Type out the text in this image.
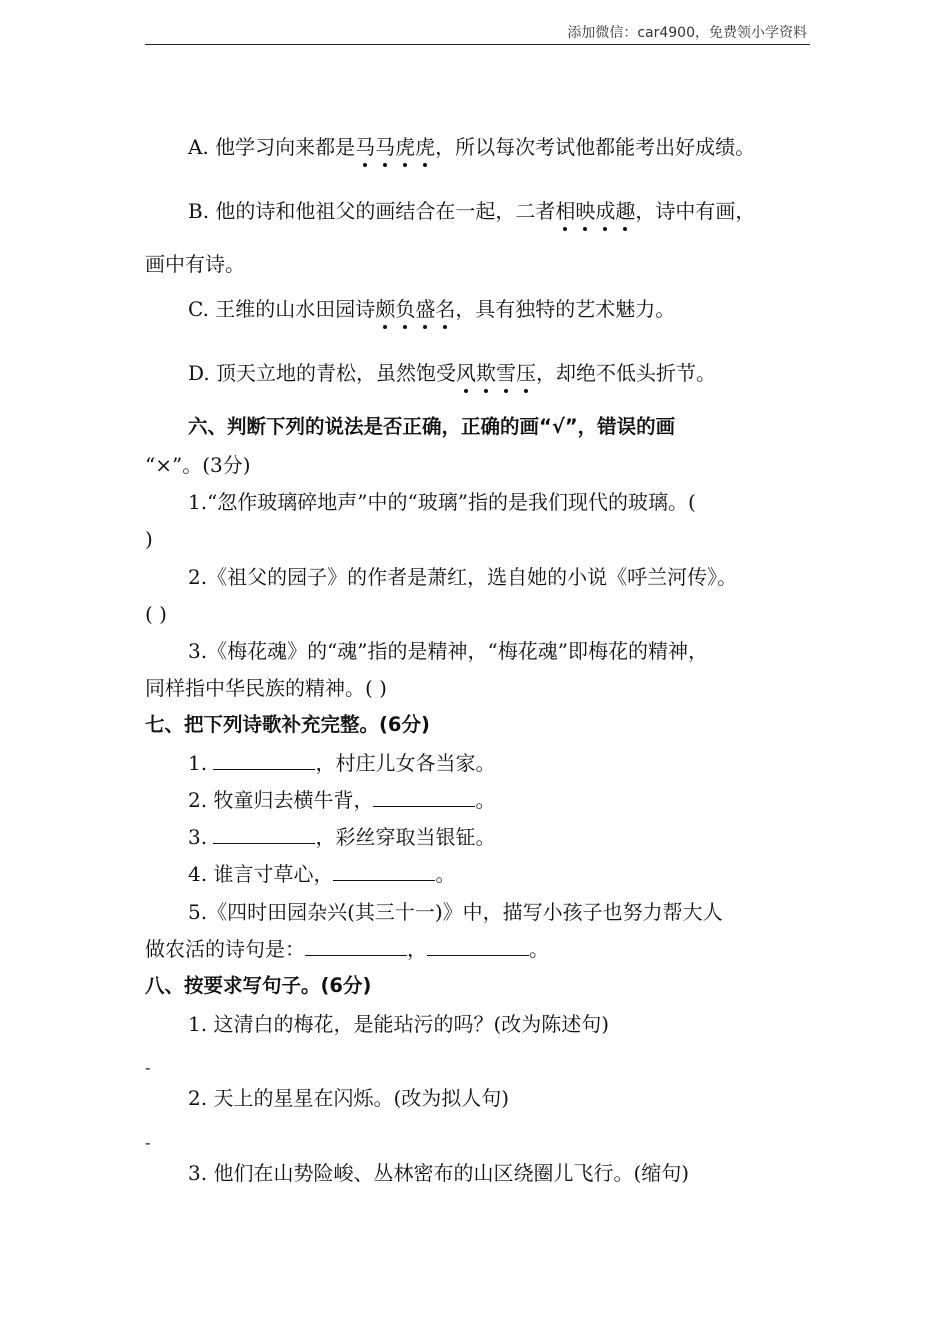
添加微信：car4900，免费领小学资料
A. 他学习向来都是马马虎虎，所以每次考试他都能考出好成绩。
B. 他的诗和他祖父的画结合在一起，二者相映成趣，诗中有画，
画中有诗。
C. 王维的山水田园诗颇负盛名，具有独特的艺术魅力。
D. 顶天立地的青松，虽然饱受风欺雪压，却绝不低头折节。
六、判断下列的说法是否正确，正确的画“√”，错误的画
“×”。(3分)
1.“忽作玻璃碎地声”中的“玻璃”指的是我们现代的玻璃。(
)
2.《祖父的园子》的作者是萧红，选自她的小说《呼兰河传》。
( )
3.《梅花魂》的“魂”指的是精神，“梅花魂”即梅花的精神，
同样指中华民族的精神。( )
七、把下列诗歌补充完整。(6分)
1.	，村庄儿女各当家。
2. 牧童归去横牛背，	。
3.	，彩丝穿取当银钲。
4. 谁言寸草心，	。
5.《四时田园杂兴(其三十一)》中，描写小孩子也努力帮大人
做农活的诗句是：	，	。
八、按要求写句子。(6分)
1. 这清白的梅花，是能玷污的吗？(改为陈述句)
-
2. 天上的星星在闪烁。(改为拟人句)
-
3. 他们在山势险峻、丛林密布的山区绕圈儿飞行。(缩句)
